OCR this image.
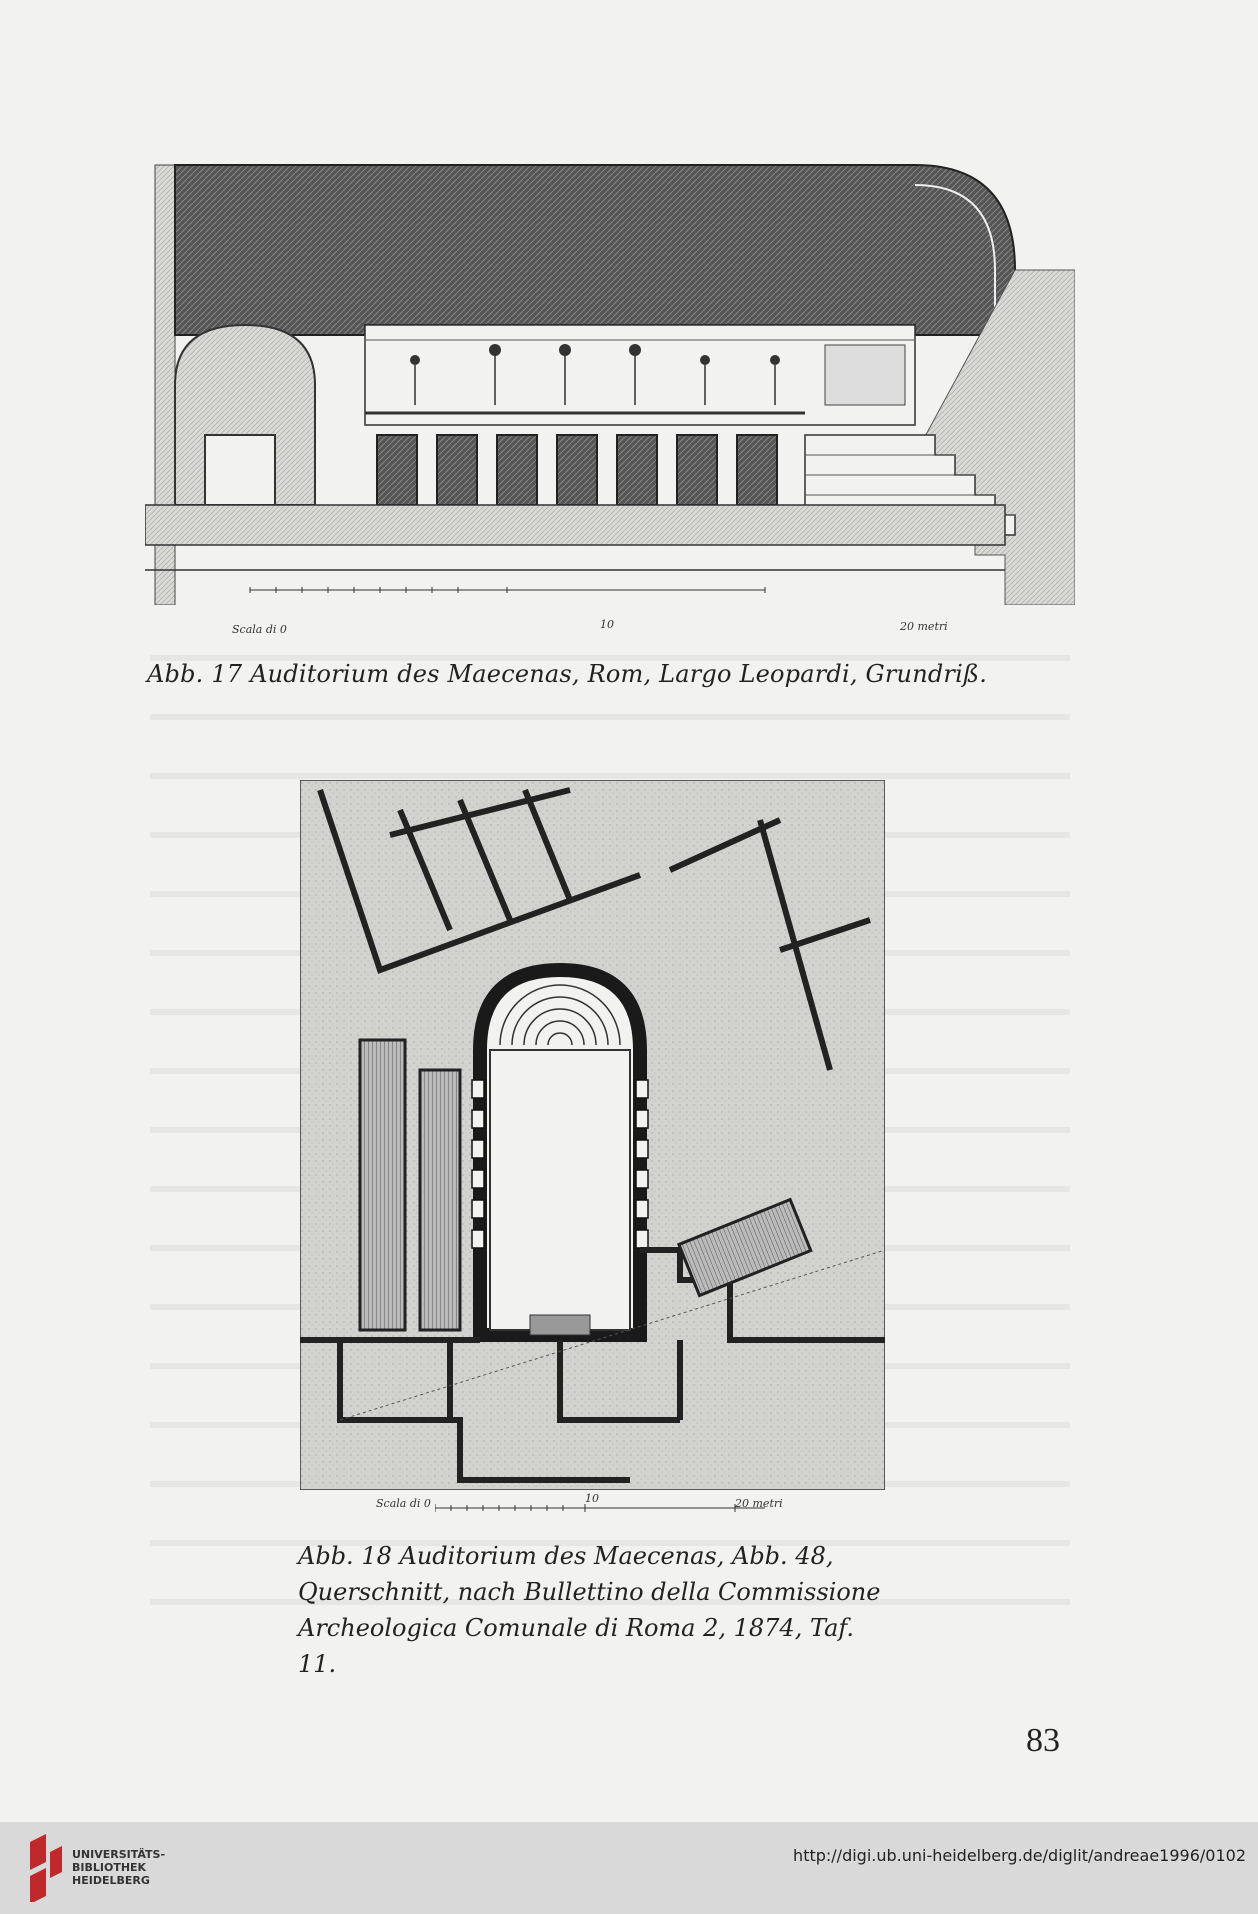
Scala di 0	10	20 metri
Abb. 17 Auditorium des Maecenas, Rom, Largo Leopardi, Grundriß.
Scala di 0	10	20 metri
Abb. 18 Auditorium des Maecenas, Abb. 48,
Querschnitt, nach Bullettino della Commissione
Archeologica Comunale di Roma 2, 1874, Taf. 11.
83
UNIVERSITÄTS-
BIBLIOTHEK
HEIDELBERG
http://digi.ub.uni-heidelberg.de/diglit/andreae1996/0102
